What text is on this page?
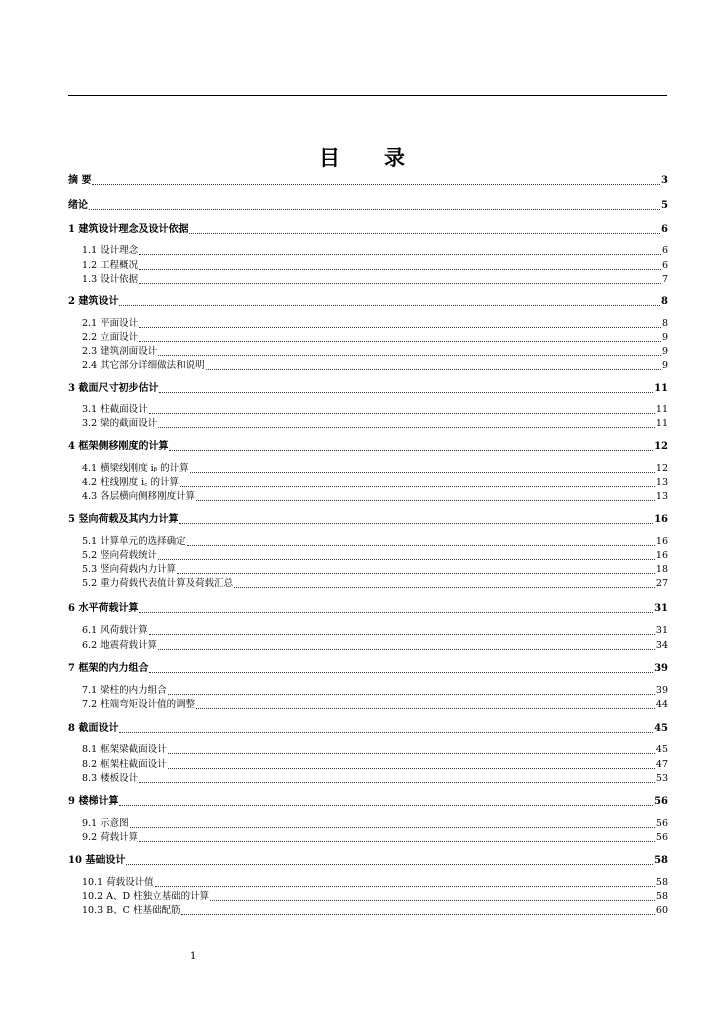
目 录
摘 要	3
绪论	5
1 建筑设计理念及设计依据	6
1.1 设计理念	6
1.2 工程概况	6
1.3 设计依据	7
2 建筑设计	8
2.1 平面设计	8
2.2 立面设计	9
2.3 建筑剖面设计	9
2.4 其它部分详细做法和说明	9
3 截面尺寸初步估计	11
3.1 柱截面设计	11
3.2 梁的截面设计	11
4 框架侧移刚度的计算	12
4.1 横梁线刚度 iᵦ 的计算	12
4.2 柱线刚度 i꜀ 的计算	13
4.3 各层横向侧移刚度计算	13
5 竖向荷载及其内力计算	16
5.1 计算单元的选择确定	16
5.2 竖向荷载统计	16
5.3 竖向荷载内力计算	18
5.2 重力荷载代表值计算及荷载汇总	27
6 水平荷载计算	31
6.1 风荷载计算	31
6.2 地震荷载计算	34
7 框架的内力组合	39
7.1 梁柱的内力组合	39
7.2 柱端弯矩设计值的调整	44
8 截面设计	45
8.1 框架梁截面设计	45
8.2 框架柱截面设计	47
8.3 楼板设计	53
9 楼梯计算	56
9.1 示意图	56
9.2 荷载计算	56
10 基础设计	58
10.1 荷载设计值	58
10.2 A、D 柱独立基础的计算	58
10.3 B、C 柱基础配筋	60
1
